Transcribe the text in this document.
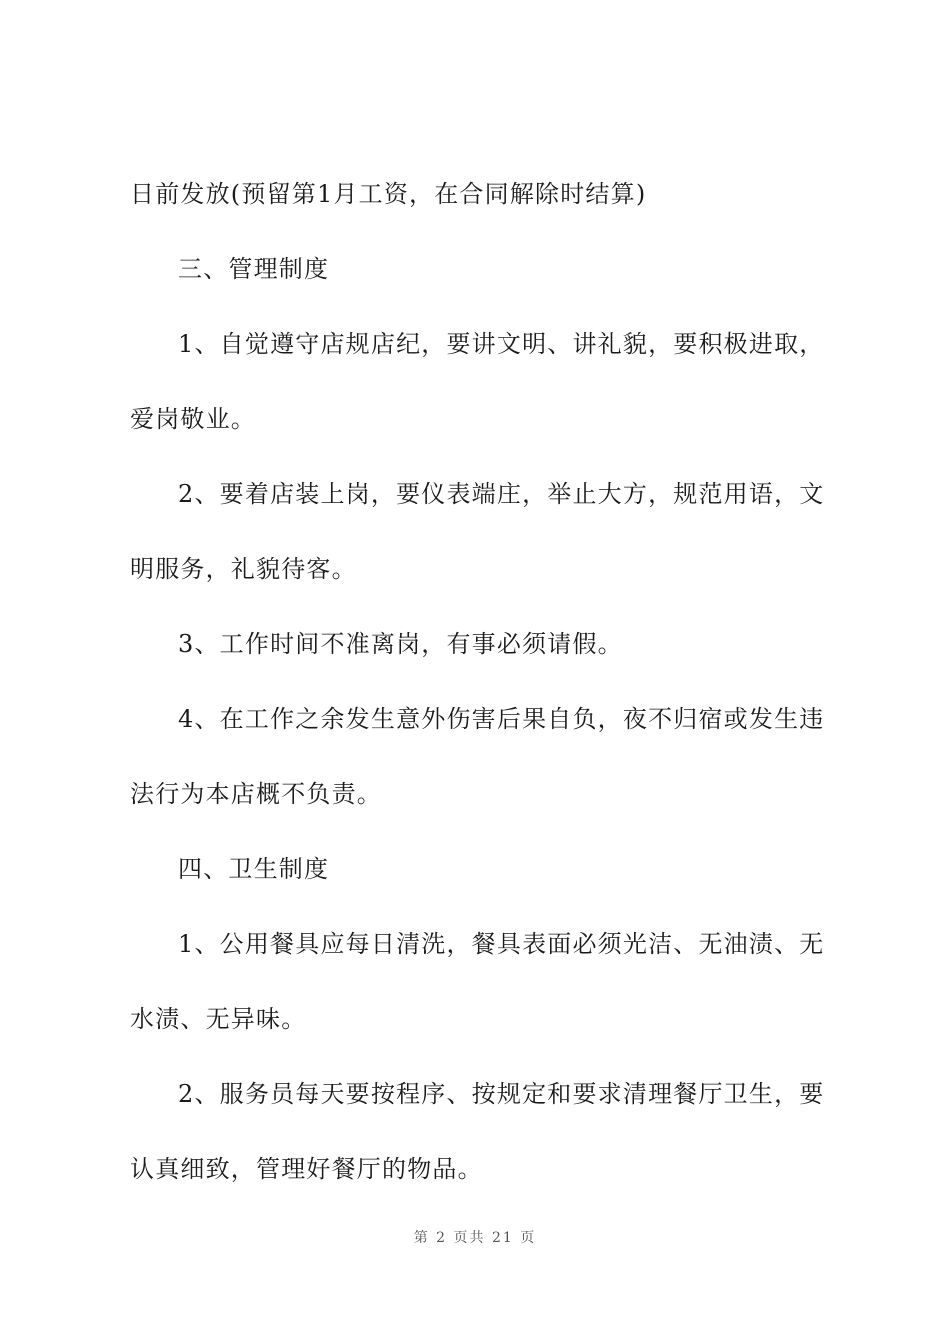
日前发放(预留第1月工资，在合同解除时结算)
三、管理制度
1、自觉遵守店规店纪，要讲文明、讲礼貌，要积极进取，
爱岗敬业。
2、要着店装上岗，要仪表端庄，举止大方，规范用语，文
明服务，礼貌待客。
3、工作时间不准离岗，有事必须请假。
4、在工作之余发生意外伤害后果自负，夜不归宿或发生违
法行为本店概不负责。
四、卫生制度
1、公用餐具应每日清洗，餐具表面必须光洁、无油渍、无
水渍、无异味。
2、服务员每天要按程序、按规定和要求清理餐厅卫生，要
认真细致，管理好餐厅的物品。
第 2 页共 21 页
